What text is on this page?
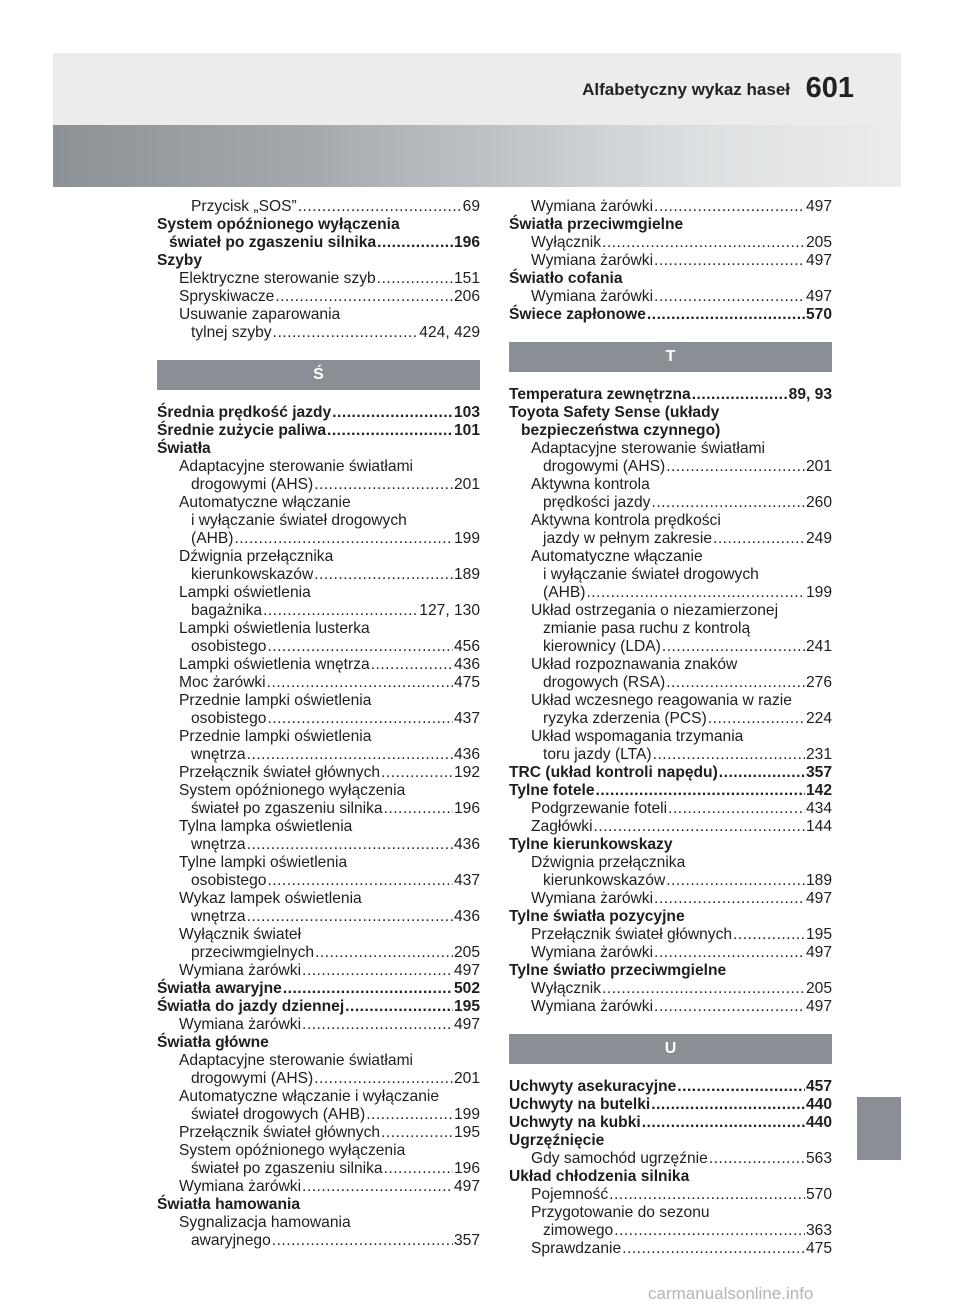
Alfabetyczny wykaz haseł 601
Przycisk „SOS” .....	69
System opóźnionego wyłączenia
świateł po zgaszeniu silnika .....	196
Szyby
Elektryczne sterowanie szyb .....	151
Spryskiwacze .....	206
Usuwanie zaparowania
tylnej szyby .....	424, 429
Ś
Średnia prędkość jazdy .....	103
Średnie zużycie paliwa .....	101
Światła
Adaptacyjne sterowanie światłami
drogowymi (AHS) .....	201
Automatyczne włączanie
i wyłączanie świateł drogowych
(AHB) .....	199
Dźwignia przełącznika
kierunkowskazów .....	189
Lampki oświetlenia
bagażnika .....	127, 130
Lampki oświetlenia lusterka
osobistego .....	456
Lampki oświetlenia wnętrza .....	436
Moc żarówki .....	475
Przednie lampki oświetlenia
osobistego .....	437
Przednie lampki oświetlenia
wnętrza .....	436
Przełącznik świateł głównych .....	192
System opóźnionego wyłączenia
świateł po zgaszeniu silnika .....	196
Tylna lampka oświetlenia
wnętrza .....	436
Tylne lampki oświetlenia
osobistego .....	437
Wykaz lampek oświetlenia
wnętrza .....	436
Wyłącznik świateł
przeciwmgielnych .....	205
Wymiana żarówki .....	497
Światła awaryjne .....	502
Światła do jazdy dziennej .....	195
Wymiana żarówki .....	497
Światła główne
Adaptacyjne sterowanie światłami
drogowymi (AHS) .....	201
Automatyczne włączanie i wyłączanie
świateł drogowych (AHB) .....	199
Przełącznik świateł głównych .....	195
System opóźnionego wyłączenia
świateł po zgaszeniu silnika .....	196
Wymiana żarówki .....	497
Światła hamowania
Sygnalizacja hamowania
awaryjnego .....	357
Wymiana żarówki .....	497
Światła przeciwmgielne
Wyłącznik .....	205
Wymiana żarówki .....	497
Światło cofania
Wymiana żarówki .....	497
Świece zapłonowe .....	570
T
Temperatura zewnętrzna .....	89, 93
Toyota Safety Sense (układy
bezpieczeństwa czynnego)
Adaptacyjne sterowanie światłami
drogowymi (AHS) .....	201
Aktywna kontrola
prędkości jazdy .....	260
Aktywna kontrola prędkości
jazdy w pełnym zakresie .....	249
Automatyczne włączanie
i wyłączanie świateł drogowych
(AHB) .....	199
Układ ostrzegania o niezamierzonej
zmianie pasa ruchu z kontrolą
kierownicy (LDA) .....	241
Układ rozpoznawania znaków
drogowych (RSA) .....	276
Układ wczesnego reagowania w razie
ryzyka zderzenia (PCS) .....	224
Układ wspomagania trzymania
toru jazdy (LTA) .....	231
TRC (układ kontroli napędu) .....	357
Tylne fotele .....	142
Podgrzewanie foteli .....	434
Zagłówki .....	144
Tylne kierunkowskazy
Dźwignia przełącznika
kierunkowskazów .....	189
Wymiana żarówki .....	497
Tylne światła pozycyjne
Przełącznik świateł głównych .....	195
Wymiana żarówki .....	497
Tylne światło przeciwmgielne
Wyłącznik .....	205
Wymiana żarówki .....	497
U
Uchwyty asekuracyjne .....	457
Uchwyty na butelki .....	440
Uchwyty na kubki .....	440
Ugrzęźnięcie
Gdy samochód ugrzęźnie .....	563
Układ chłodzenia silnika
Pojemność .....	570
Przygotowanie do sezonu
zimowego .....	363
Sprawdzanie .....	475
carmanualsonline.info
